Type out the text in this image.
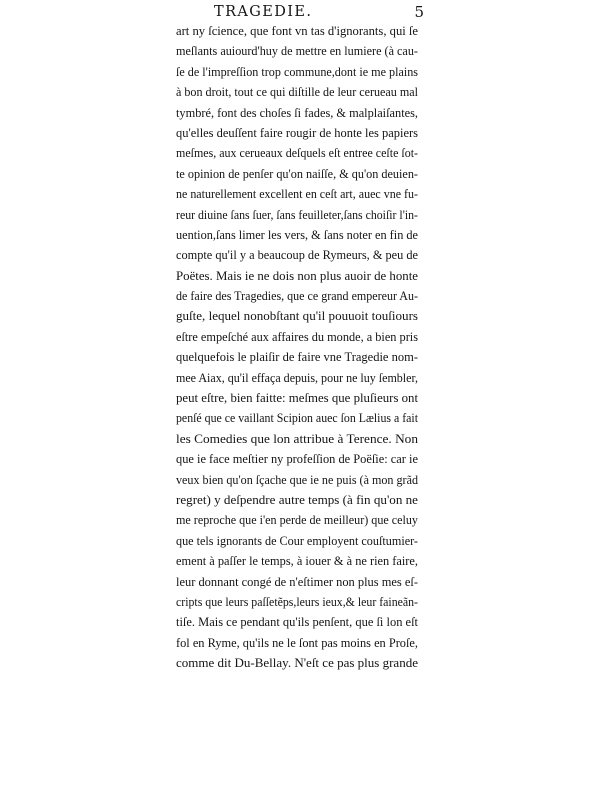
TRAGEDIE.	5
art ny ſcience, que font vn tas d'ignorants, qui ſe
meſlants auiourd'huy de mettre en lumiere (à cau-
ſe de l'impreſſion trop commune,dont ie me plains
à bon droit, tout ce qui diſtille de leur cerueau mal
tymbré, font des choſes ſi fades, & malplaiſantes,
qu'elles deuſſent faire rougir de honte les papiers
meſmes, aux cerueaux deſquels eſt entree ceſte ſot-
te opinion de penſer qu'on naiſſe, & qu'on deuien-
ne naturellement excellent en ceſt art, auec vne fu-
reur diuine ſans ſuer, ſans feuilleter,ſans choiſir l'in-
uention,ſans limer les vers, & ſans noter en fin de
compte qu'il y a beaucoup de Rymeurs, & peu de
Poëtes. Mais ie ne dois non plus auoir de honte
de faire des Tragedies, que ce grand empereur Au-
guſte, lequel nonobſtant qu'il pouuoit touſiours
eſtre empeſché aux affaires du monde, a bien pris
quelquefois le plaiſir de faire vne Tragedie nom-
mee Aiax, qu'il effaça depuis, pour ne luy ſembler,
peut eſtre, bien faitte: meſmes que pluſieurs ont
penſé que ce vaillant Scipion auec ſon Lælius a fait
les Comedies que lon attribue à Terence. Non
que ie face meſtier ny profeſſion de Poëſie: car ie
veux bien qu'on ſçache que ie ne puis (à mon grãd
regret) y deſpendre autre temps (à fin qu'on ne
me reproche que i'en perde de meilleur) que celuy
que tels ignorants de Cour employent couſtumier-
ement à paſſer le temps, à iouer & à ne rien faire,
leur donnant congé de n'eſtimer non plus mes eſ-
cripts que leurs paſſetẽps,leurs ieux,& leur faineãn-
tiſe. Mais ce pendant qu'ils penſent, que ſi lon eſt
fol en Ryme, qu'ils ne le ſont pas moins en Proſe,
comme dit Du-Bellay. N'eſt ce pas plus grande
